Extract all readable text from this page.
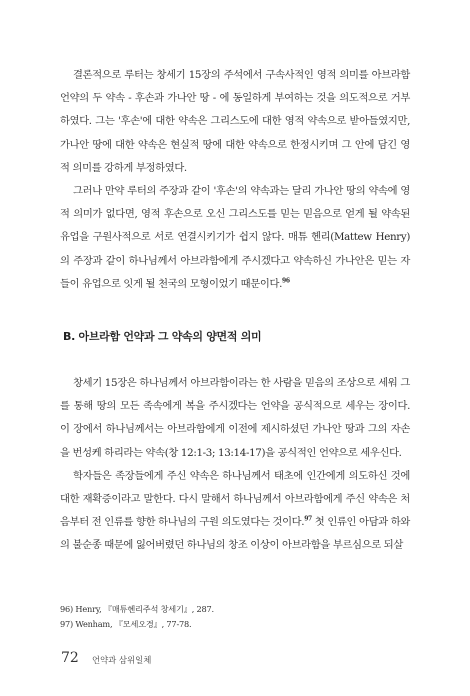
결론적으로 루터는 창세기 15장의 주석에서 구속사적인 영적 의미를 아브라함 언약의 두 약속 - 후손과 가나안 땅 - 에 동일하게 부여하는 것을 의도적으로 거부하였다. 그는 '후손'에 대한 약속은 그리스도에 대한 영적 약속으로 받아들였지만, 가나안 땅에 대한 약속은 현실적 땅에 대한 약속으로 한정시키며 그 안에 담긴 영적 의미를 강하게 부정하였다.

그러나 만약 루터의 주장과 같이 '후손'의 약속과는 달리 가나안 땅의 약속에 영적 의미가 없다면, 영적 후손으로 오신 그리스도를 믿는 믿음으로 얻게 될 약속된 유업을 구원사적으로 서로 연결시키기가 쉽지 않다. 매튜 헨리(Mattew Henry)의 주장과 같이 하나님께서 아브라함에게 주시겠다고 약속하신 가나안은 믿는 자들이 유업으로 잇게 될 천국의 모형이었기 때문이다.$^{96}$

B. 아브라함 언약과 그 약속의 양면적 의미

창세기 15장은 하나님께서 아브라함이라는 한 사람을 믿음의 조상으로 세워 그를 통해 땅의 모든 족속에게 복을 주시겠다는 언약을 공식적으로 세우는 장이다. 이 장에서 하나님께서는 아브라함에게 이전에 제시하셨던 가나안 땅과 그의 자손을 번성케 하리라는 약속(창 12:1-3; 13:14-17)을 공식적인 언약으로 세우신다.

학자들은 족장들에게 주신 약속은 하나님께서 태초에 인간에게 의도하신 것에 대한 재확증이라고 말한다. 다시 말해서 하나님께서 아브라함에게 주신 약속은 처음부터 전 인류를 향한 하나님의 구원 의도였다는 것이다.$^{97}$ 첫 인류인 아담과 하와의 불순종 때문에 잃어버렸던 하나님의 창조 이상이 아브라함을 부르심으로 되살

96) Henry, 『매튜헨리주석 창세기』, 287.

97) Wenham, 『모세오경』, 77-78.

72 언약과 삼위일체
